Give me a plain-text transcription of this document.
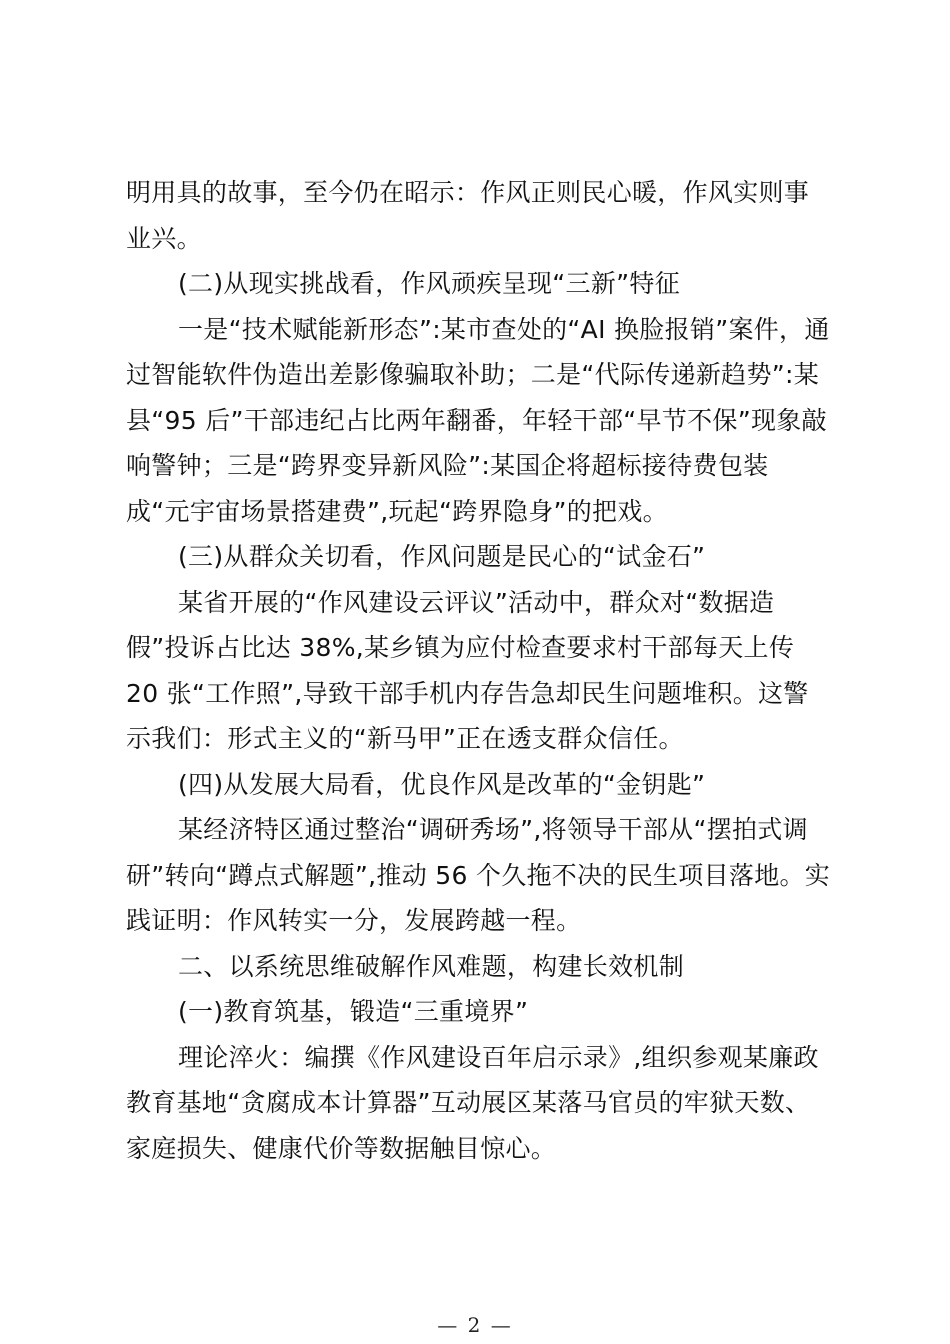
明用具的故事，至今仍在昭示：作风正则民心暖，作风实则事

业兴。

(二)从现实挑战看，作风顽疾呈现“三新”特征

一是“技术赋能新形态”:某市查处的“AI 换脸报销”案件，通

过智能软件伪造出差影像骗取补助；二是“代际传递新趋势”:某

县“95 后”干部违纪占比两年翻番，年轻干部“早节不保”现象敲

响警钟；三是“跨界变异新风险”:某国企将超标接待费包装

成“元宇宙场景搭建费”,玩起“跨界隐身”的把戏。

(三)从群众关切看，作风问题是民心的“试金石”

某省开展的“作风建设云评议”活动中，群众对“数据造

假”投诉占比达 38%,某乡镇为应付检查要求村干部每天上传

20 张“工作照”,导致干部手机内存告急却民生问题堆积。这警

示我们：形式主义的“新马甲”正在透支群众信任。

(四)从发展大局看，优良作风是改革的“金钥匙”

某经济特区通过整治“调研秀场”,将领导干部从“摆拍式调

研”转向“蹲点式解题”,推动 56 个久拖不决的民生项目落地。实

践证明：作风转实一分，发展跨越一程。

二、以系统思维破解作风难题，构建长效机制

(一)教育筑基，锻造“三重境界”

理论淬火：编撰《作风建设百年启示录》,组织参观某廉政

教育基地“贪腐成本计算器”互动展区某落马官员的牢狱天数、

家庭损失、健康代价等数据触目惊心。

— 2 —
